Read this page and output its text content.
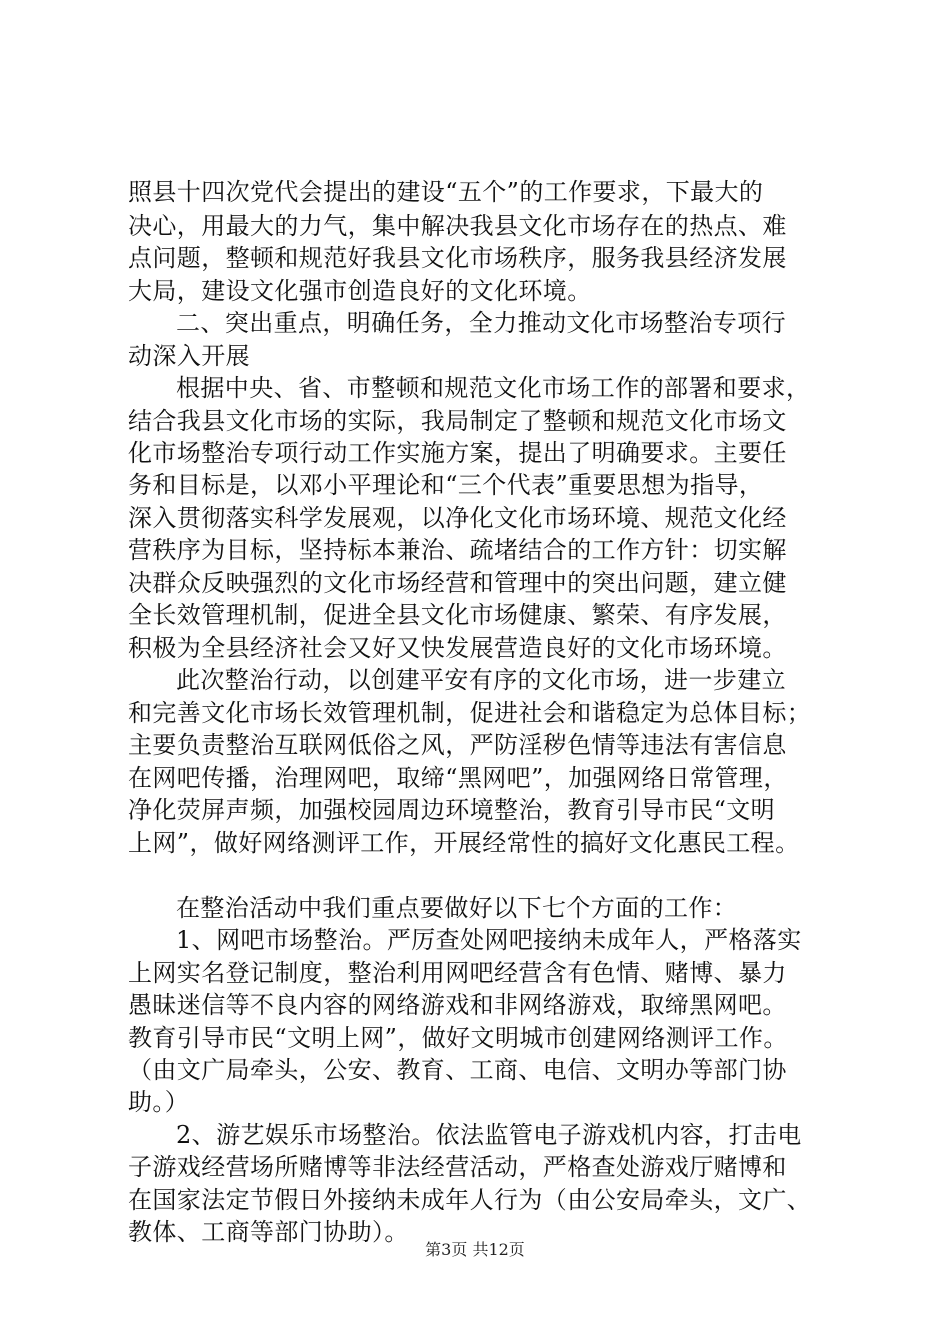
照县十四次党代会提出的建设“五个”的工作要求，下最大的
决心，用最大的力气，集中解决我县文化市场存在的热点、难
点问题，整顿和规范好我县文化市场秩序，服务我县经济发展
大局，建设文化强市创造良好的文化环境。
二、突出重点，明确任务，全力推动文化市场整治专项行
动深入开展
根据中央、省、市整顿和规范文化市场工作的部署和要求，
结合我县文化市场的实际，我局制定了整顿和规范文化市场文
化市场整治专项行动工作实施方案，提出了明确要求。主要任
务和目标是，以邓小平理论和“三个代表”重要思想为指导，
深入贯彻落实科学发展观，以净化文化市场环境、规范文化经
营秩序为目标，坚持标本兼治、疏堵结合的工作方针：切实解
决群众反映强烈的文化市场经营和管理中的突出问题，建立健
全长效管理机制，促进全县文化市场健康、繁荣、有序发展，
积极为全县经济社会又好又快发展营造良好的文化市场环境。
此次整治行动，以创建平安有序的文化市场，进一步建立
和完善文化市场长效管理机制，促进社会和谐稳定为总体目标；
主要负责整治互联网低俗之风，严防淫秽色情等违法有害信息
在网吧传播，治理网吧，取缔“黑网吧”，加强网络日常管理，
净化荧屏声频，加强校园周边环境整治，教育引导市民“文明
上网”，做好网络测评工作，开展经常性的搞好文化惠民工程。
在整治活动中我们重点要做好以下七个方面的工作：
1、网吧市场整治。严厉查处网吧接纳未成年人，严格落实
上网实名登记制度，整治利用网吧经营含有色情、赌博、暴力
愚昧迷信等不良内容的网络游戏和非网络游戏，取缔黑网吧。
教育引导市民“文明上网”，做好文明城市创建网络测评工作。
（由文广局牵头，公安、教育、工商、电信、文明办等部门协
助。）
2、游艺娱乐市场整治。依法监管电子游戏机内容，打击电
子游戏经营场所赌博等非法经营活动，严格查处游戏厅赌博和
在国家法定节假日外接纳未成年人行为（由公安局牵头，文广、
教体、工商等部门协助）。
第3页 共12页
